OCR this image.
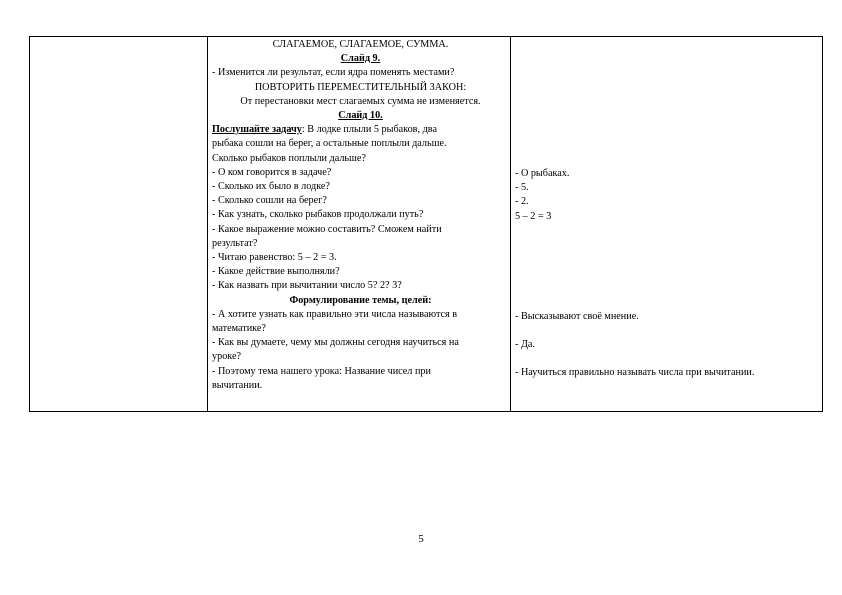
СЛАГАЕМОЕ, СЛАГАЕМОЕ, СУММА.
Слайд 9.
- Изменится ли результат, если ядра поменять местами?
ПОВТОРИТЬ ПЕРЕМЕСТИТЕЛЬНЫЙ ЗАКОН:
От перестановки мест слагаемых сумма не изменяется.
Слайд 10.
Послушайте задачу: В лодке плыли 5 рыбаков, два
рыбака сошли на берег, а остальные поплыли дальше.
Сколько рыбаков поплыли дальше?
- О ком говорится в задаче?
- Сколько их было в лодке?
- Сколько сошли на берег?
- Как узнать, сколько рыбаков продолжали путь?
- Какое выражение можно составить? Сможем найти
результат?
- Читаю равенство: 5 – 2 = 3.
- Какое действие выполняли?
- Как назвать при вычитании число 5? 2? 3?
Формулирование темы, целей:
- А хотите узнать как правильно эти числа называются в
математике?
- Как вы думаете, чему мы должны сегодня научиться на
уроке?
- Поэтому тема нашего урока: Название чисел при
вычитании.
- О рыбаках.
- 5.
- 2.
5 – 2 = 3
- Высказывают своё мнение.
- Да.
- Научиться правильно называть числа при вычитании.
5
